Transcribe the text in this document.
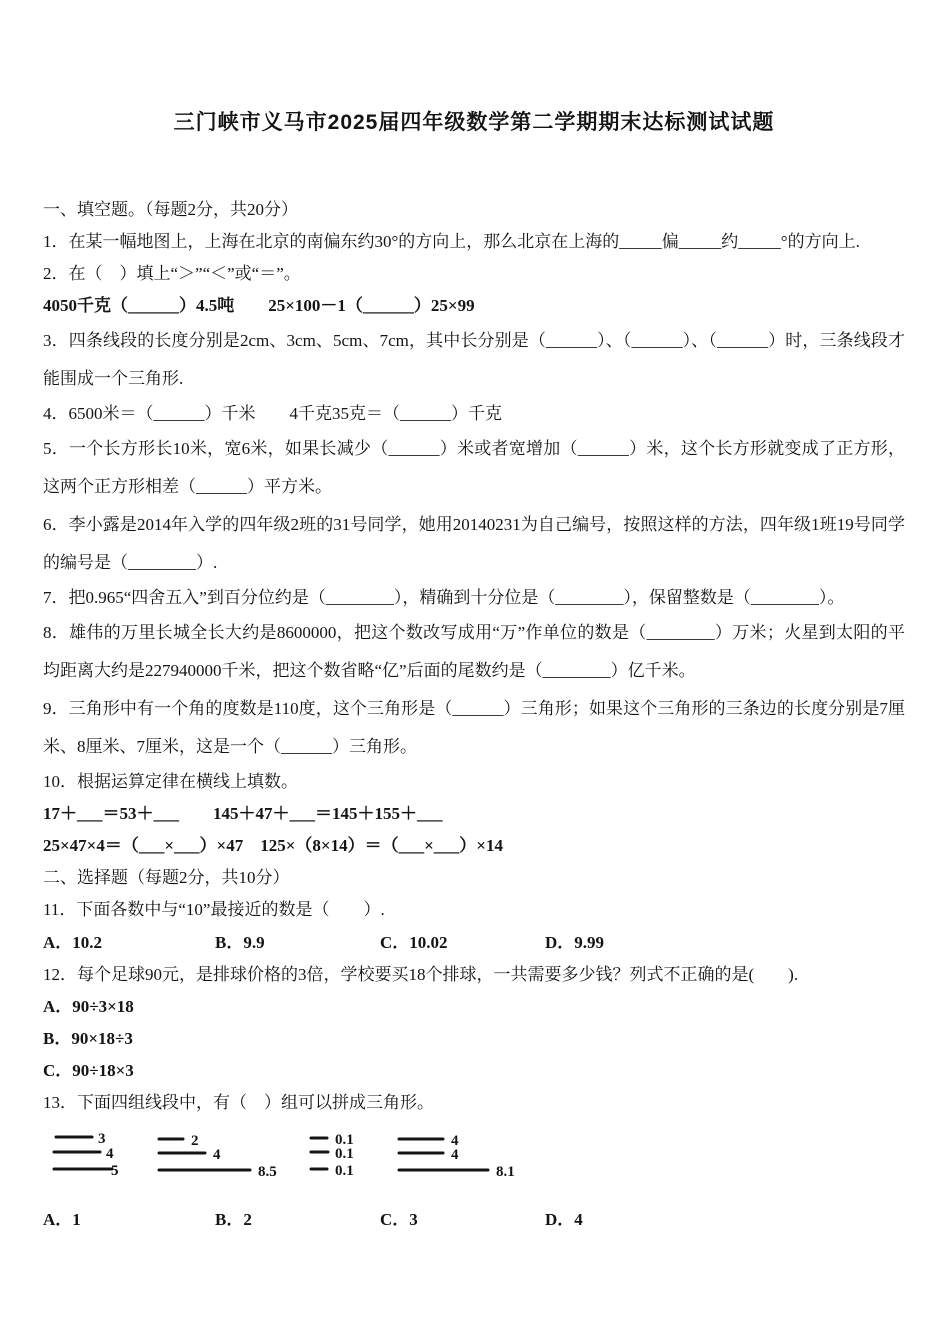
三门峡市义马市2025届四年级数学第二学期期末达标测试试题

一、填空题。（每题2分，共20分）

1．在某一幅地图上，上海在北京的南偏东约30°的方向上，那么北京在上海的_____偏_____约_____°的方向上.

2．在（　）填上“＞”“＜”或“＝”。

4050千克（______）4.5吨　　25×100－1（______）25×99

3．四条线段的长度分别是2cm、3cm、5cm、7cm，其中长分别是（______）、（______）、（______）时，三条线段才能围成一个三角形.

4．6500米＝（______）千米　　4千克35克＝（______）千克

5．一个长方形长10米，宽6米，如果长减少（______）米或者宽增加（______）米，这个长方形就变成了正方形，这两个正方形相差（______）平方米。

6．李小露是2014年入学的四年级2班的31号同学，她用20140231为自己编号，按照这样的方法，四年级1班19号同学的编号是（________）.

7．把0.965“四舍五入”到百分位约是（________），精确到十分位是（________），保留整数是（________）。

8．雄伟的万里长城全长大约是8600000，把这个数改写成用“万”作单位的数是（________）万米；火星到太阳的平均距离大约是227940000千米，把这个数省略“亿”后面的尾数约是（________）亿千米。

9．三角形中有一个角的度数是110度，这个三角形是（______）三角形；如果这个三角形的三条边的长度分别是7厘米、8厘米、7厘米，这是一个（______）三角形。

10．根据运算定律在横线上填数。

17＋___＝53＋___　　145＋47＋___＝145＋155＋___

25×47×4＝（___×___）×47　125×（8×14）＝（___×___）×14

二、选择题（每题2分，共10分）

11．下面各数中与“10”最接近的数是（　　）.

A．10.2	B．9.9	C．10.02	D．9.99

12．每个足球90元，是排球价格的3倍，学校要买18个排球，一共需要多少钱？列式不正确的是(　　).

A．90÷3×18

B．90×18÷3

C．90÷18×3

13．下面四组线段中，有（　）组可以拼成三角形。

3
4
5
2
4
8.5
0.1
0.1
0.1
4
4
8.1
A．1	B．2	C．3	D．4
